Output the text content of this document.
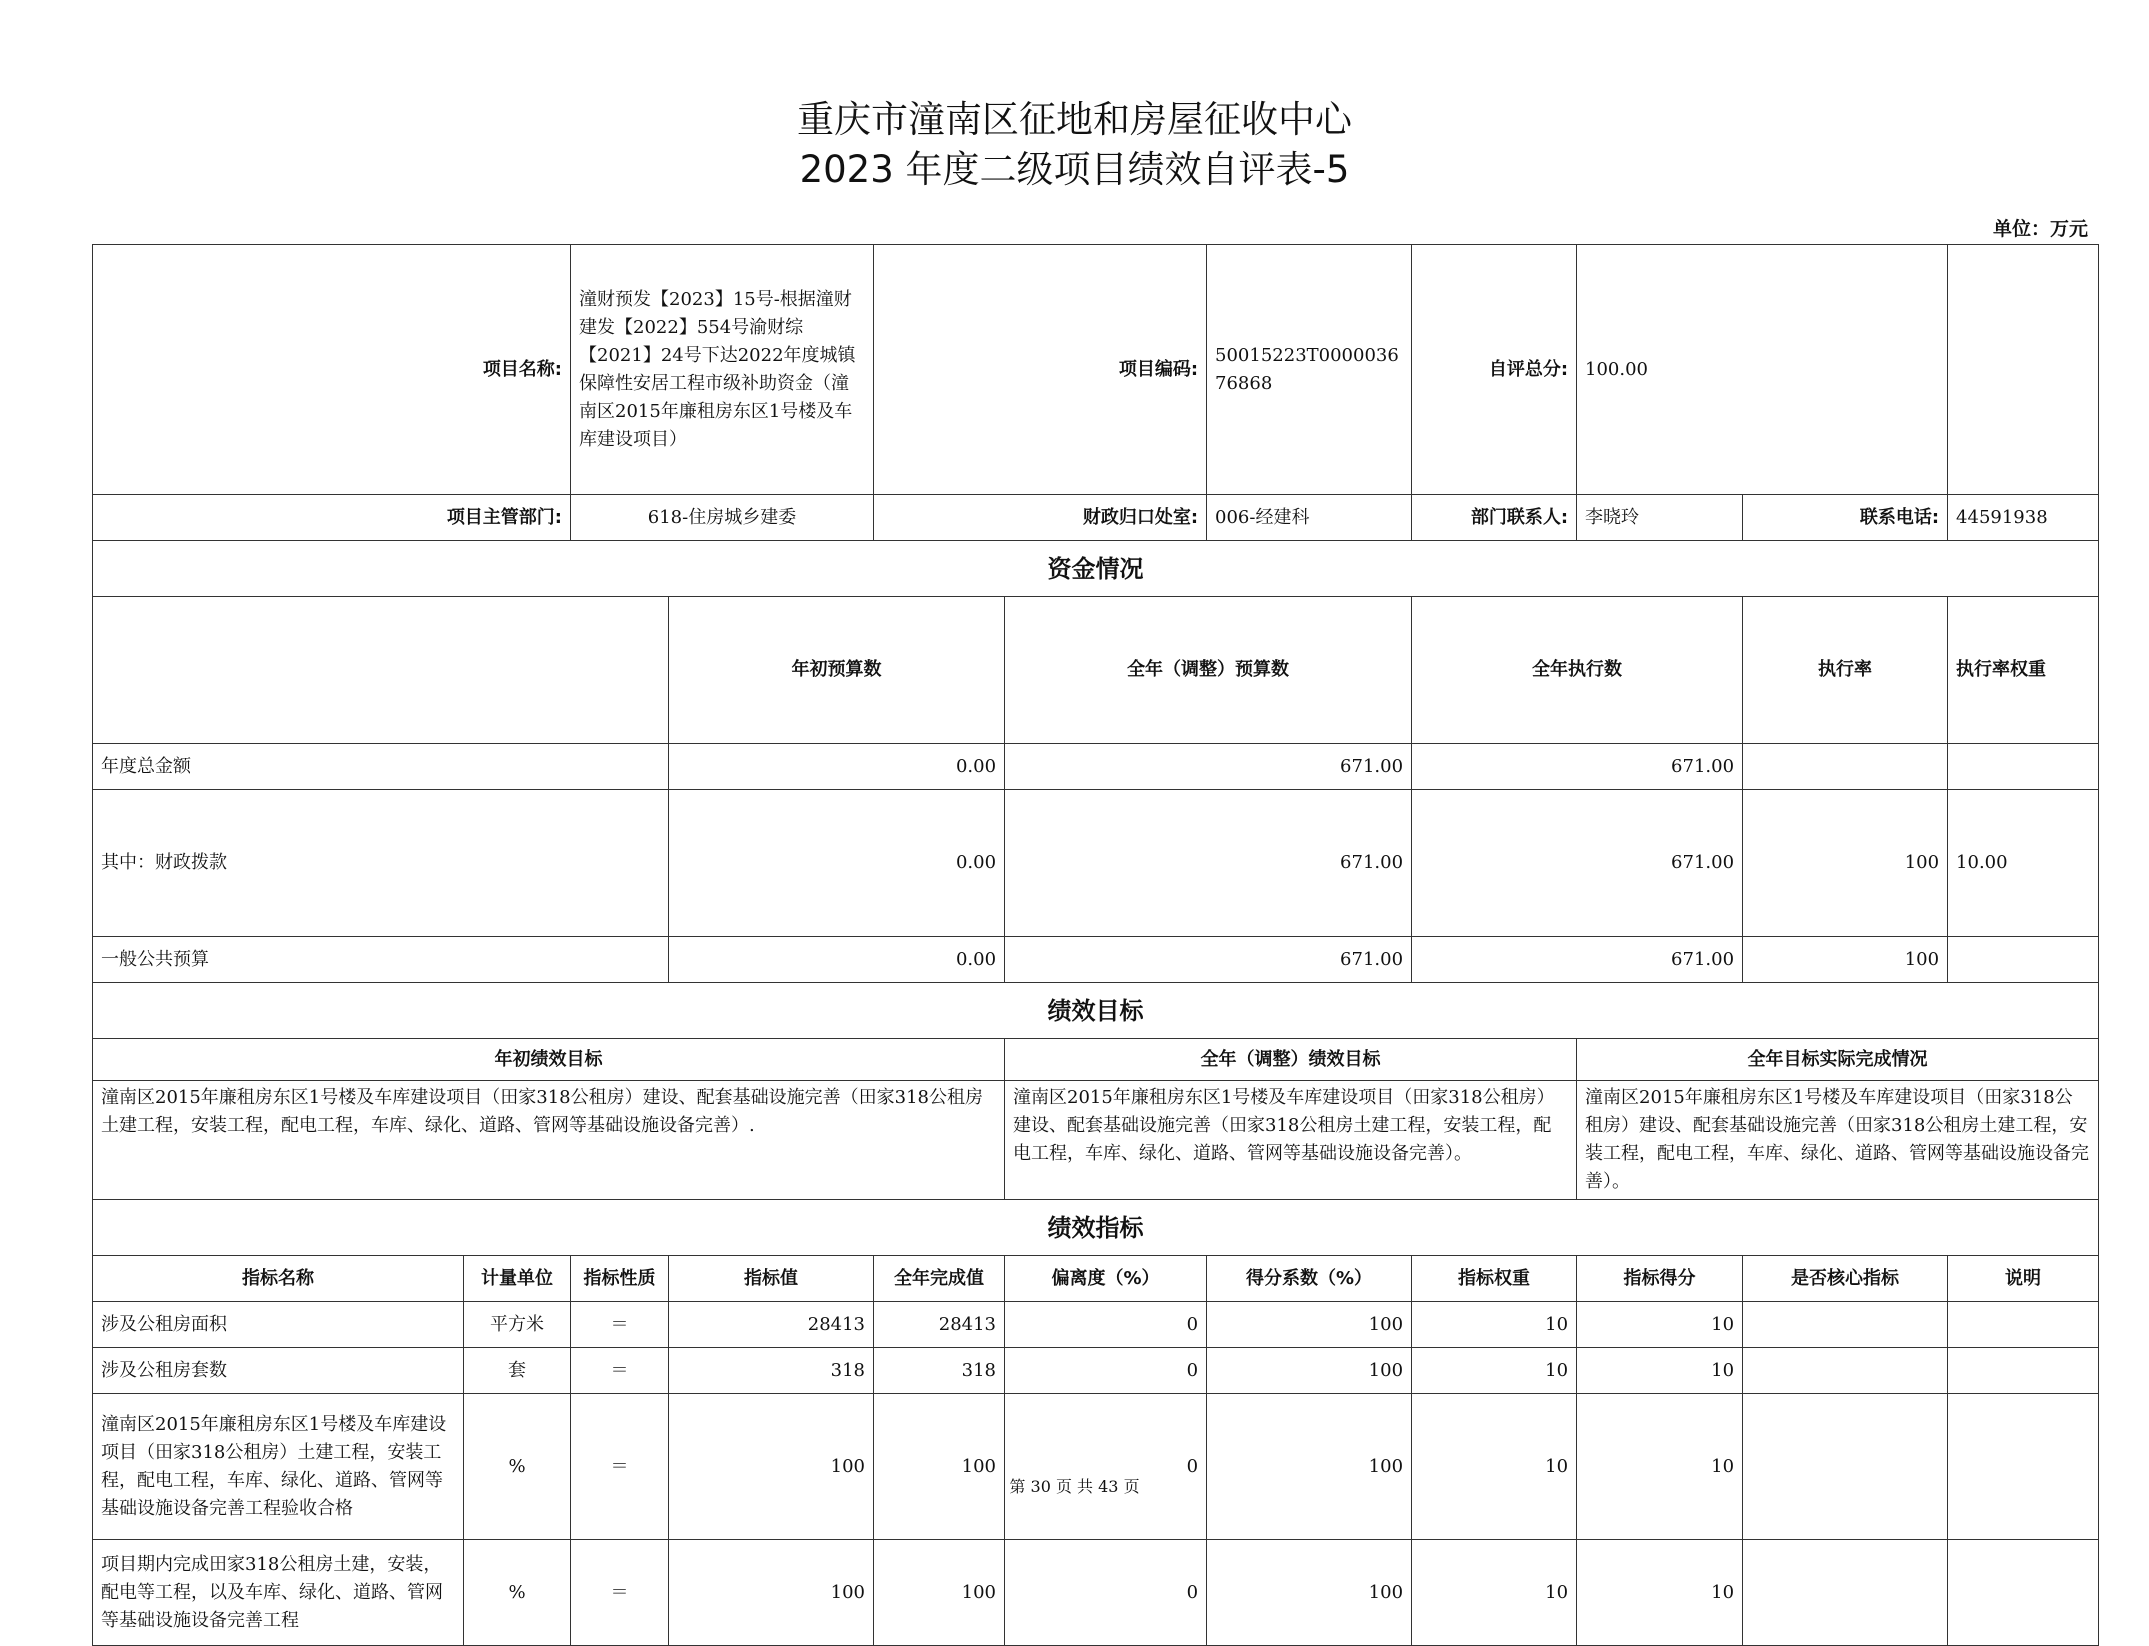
重庆市潼南区征地和房屋征收中心
2023 年度二级项目绩效自评表-5
单位：万元
项目名称:		潼财预发【2023】15号-根据潼财建发【2022】554号渝财综【2021】24号下达2022年度城镇保障性安居工程市级补助资金（潼南区2015年廉租房东区1号楼及车库建设项目）		项目编码:		50015223T000003676868	自评总分:	100.00			
项目主管部门:		618-住房城乡建委		财政归口处室:		006-经建科	部门联系人:	李晓玲	联系电话:	44591938	
资金情况											
			年初预算数		全年（调整）预算数		全年执行数		执行率	执行率权重	
年度总金额			0.00		671.00		671.00				
其中：财政拨款			0.00		671.00		671.00		100	10.00	
一般公共预算			0.00		671.00		671.00		100		
绩效目标											
年初绩效目标					全年（调整）绩效目标			全年目标实际完成情况			
潼南区2015年廉租房东区1号楼及车库建设项目（田家318公租房）建设、配套基础设施完善（田家318公租房土建工程，安装工程，配电工程，车库、绿化、道路、管网等基础设施设备完善）.					潼南区2015年廉租房东区1号楼及车库建设项目（田家318公租房）建设、配套基础设施完善（田家318公租房土建工程，安装工程，配电工程，车库、绿化、道路、管网等基础设施设备完善）。			潼南区2015年廉租房东区1号楼及车库建设项目（田家318公租房）建设、配套基础设施完善（田家318公租房土建工程，安装工程，配电工程，车库、绿化、道路、管网等基础设施设备完善）。			
绩效指标											
指标名称	计量单位	指标性质	指标值	全年完成值	偏离度（%）	得分系数（%）	指标权重	指标得分	是否核心指标	说明	
涉及公租房面积	平方米	＝	28413	28413	0	100	10	10			
涉及公租房套数	套	＝	318	318	0	100	10	10			
潼南区2015年廉租房东区1号楼及车库建设项目（田家318公租房）土建工程，安装工程，配电工程，车库、绿化、道路、管网等基础设施设备完善工程验收合格	%	＝	100	100	0	100	10	10			
项目期内完成田家318公租房土建，安装，配电等工程，以及车库、绿化、道路、管网等基础设施设备完善工程	%	＝	100	100	0	100	10	10			
第 30 页 共 43 页
